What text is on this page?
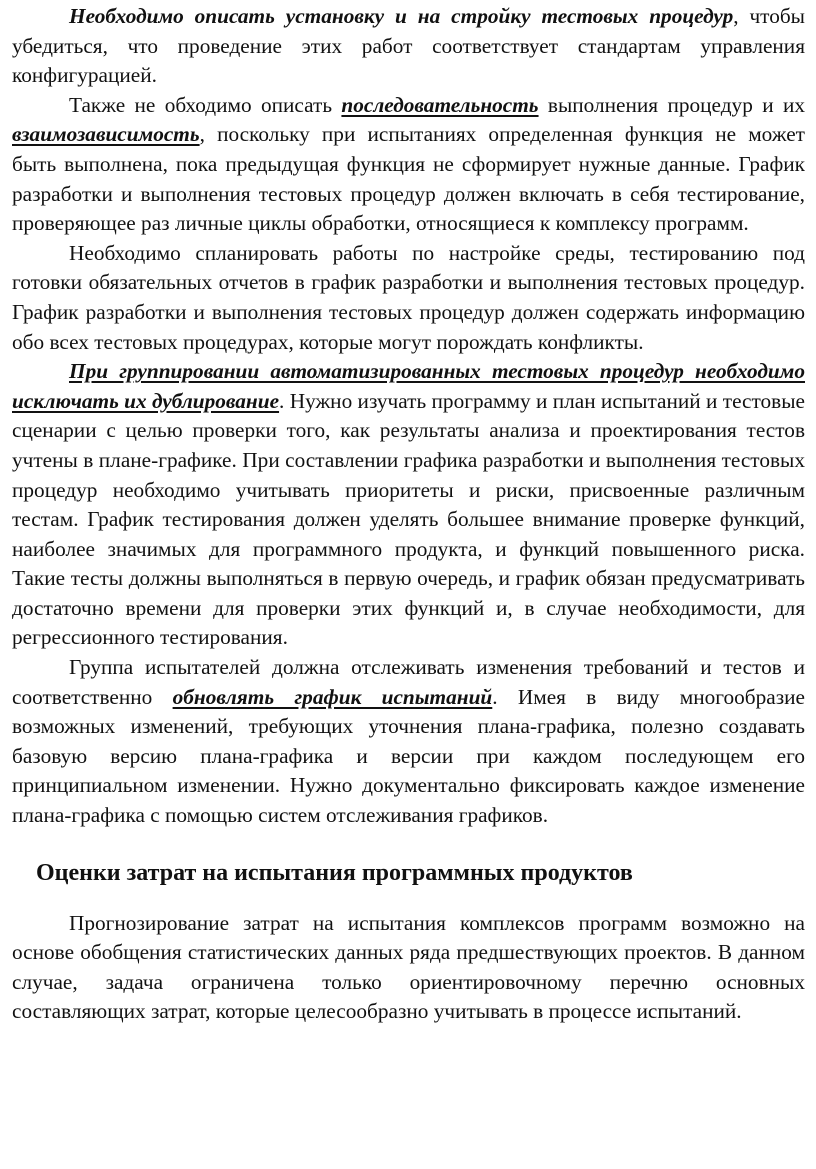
Необходимо описать установку и на стройку тестовых процедур, чтобы убедиться, что проведение этих работ соответствует стандартам управления конфигурацией.

Также не обходимо описать последовательность выполнения процедур и их взаимозависимость, поскольку при испытаниях определенная функция не может быть выполнена, пока предыдущая функция не сформирует нужные данные. График разработки и выполнения тестовых процедур должен включать в себя тестирование, проверяющее раз личные циклы обработки, относящиеся к комплексу программ.

Необходимо спланировать работы по настройке среды, тестированию под готовки обязательных отчетов в график разработки и выполнения тестовых процедур. График разработки и выполнения тестовых процедур должен содержать информацию обо всех тестовых процедурах, которые могут порождать конфликты.

При группировании автоматизированных тестовых процедур необходимо исключать их дублирование. Нужно изучать программу и план испытаний и тестовые сценарии с целью проверки того, как результаты анализа и проектирования тестов учтены в плане-графике. При составлении графика разработки и выполнения тестовых процедур необходимо учитывать приоритеты и риски, присвоенные различным тестам. График тестирования должен уделять большее внимание проверке функций, наиболее значимых для программного продукта, и функций повышенного риска. Такие тесты должны выполняться в первую очередь, и график обязан предусматривать достаточно времени для проверки этих функций и, в случае необходимости, для регрессионного тестирования.

Группа испытателей должна отслеживать изменения требований и тестов и соответственно обновлять график испытаний. Имея в виду многообразие возможных изменений, требующих уточнения плана-графика, полезно создавать базовую версию плана-графика и версии при каждом последующем его принципиальном изменении. Нужно документально фиксировать каждое изменение плана-графика с помощью систем отслеживания графиков.

Оценки затрат на испытания программных продуктов

Прогнозирование затрат на испытания комплексов программ возможно на основе обобщения статистических данных ряда предшествующих проектов. В данном случае, задача ограничена только ориентировочному перечню основных составляющих затрат, которые целесообразно учитывать в процессе испытаний.
